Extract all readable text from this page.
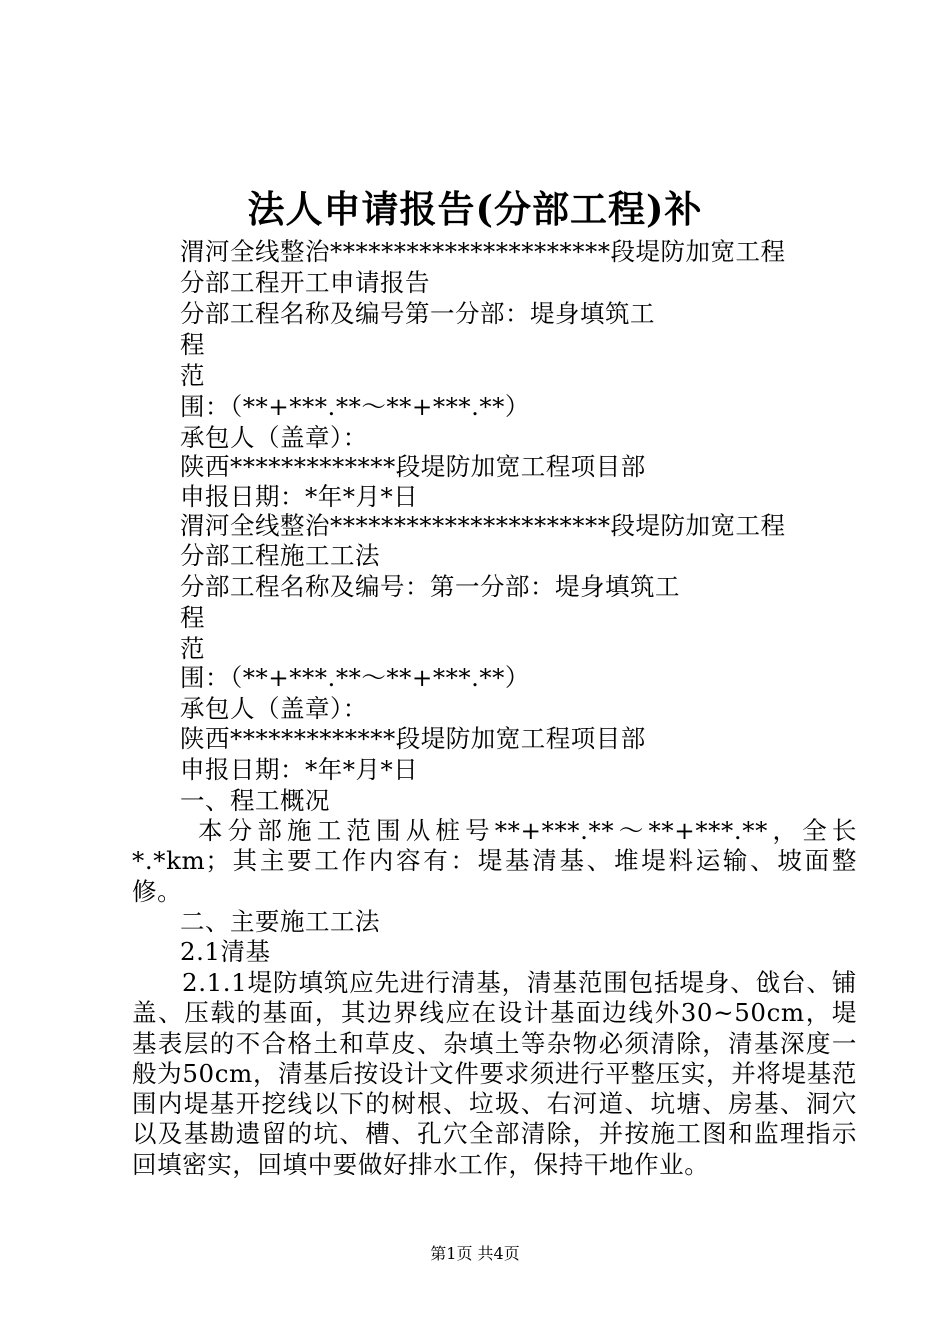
法人申请报告(分部工程)补
渭河全线整治**********************段堤防加宽工程
分部工程开工申请报告
分部工程名称及编号第一分部：堤身填筑工
程
范
围：（**+***.**～**+***.**）
承包人（盖章）：
陕西*************段堤防加宽工程项目部
申报日期：*年*月*日
渭河全线整治**********************段堤防加宽工程
分部工程施工工法
分部工程名称及编号：第一分部：堤身填筑工
程
范
围：（**+***.**～**+***.**）
承包人（盖章）：
陕西*************段堤防加宽工程项目部
申报日期：*年*月*日
一、程工概况
本分部施工范围从桩号**+***.**～**+***.**，全长*.*km；其主要工作内容有：堤基清基、堆堤料运输、坡面整修。
二、主要施工工法
2.1清基
2.1.1堤防填筑应先进行清基，清基范围包括堤身、戗台、铺盖、压载的基面，其边界线应在设计基面边线外30~50cm，堤基表层的不合格土和草皮、杂填土等杂物必须清除，清基深度一般为50cm，清基后按设计文件要求须进行平整压实，并将堤基范围内堤基开挖线以下的树根、垃圾、右河道、坑塘、房基、洞穴以及基勘遗留的坑、槽、孔穴全部清除，并按施工图和监理指示回填密实，回填中要做好排水工作，保持干地作业。
第1页 共4页
